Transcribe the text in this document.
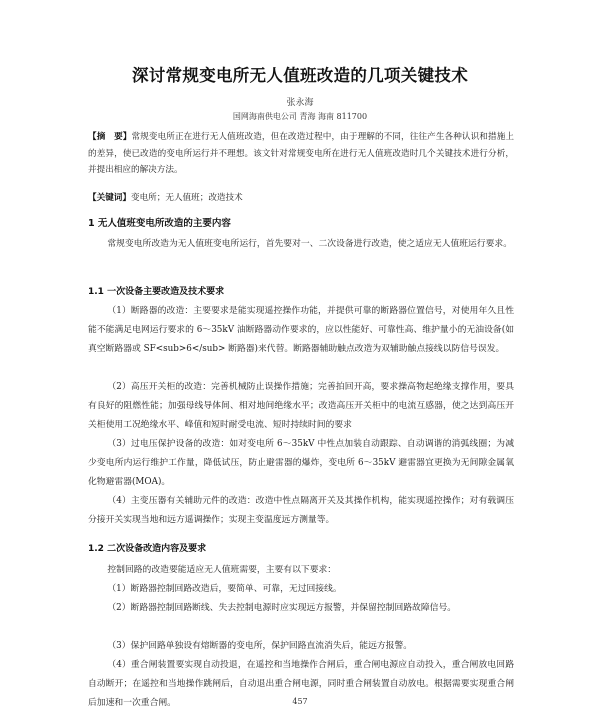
深讨常规变电所无人值班改造的几项关键技术
张永海
国网海南供电公司 青海 海南 811700
【摘　要】常规变电所正在进行无人值班改造，但在改造过程中，由于理解的不同，往往产生各种认识和措施上的差异，使已改造的变电所运行并不理想。该文针对常规变电所在进行无人值班改造时几个关键技术进行分析，并提出相应的解决方法。
【关键词】变电所；无人值班；改造技术
1 无人值班变电所改造的主要内容
常规变电所改造为无人值班变电所运行，首先要对一、二次设备进行改造，使之适应无人值班运行要求。
1.1 一次设备主要改造及技术要求
（1）断路器的改造：主要要求是能实现遥控操作功能，并提供可靠的断路器位置信号，对使用年久且性能不能满足电网运行要求的 6～35kV 油断路器动作要求的，应以性能好、可靠性高、维护量小的无油设备(如真空断路器或 SF<sub>6</sub> 断路器)来代替。断路器辅助触点改造为双辅助触点接线以防信号误发。
（2）高压开关柜的改造：完善机械防止误操作措施；完善拍回开高，要求操高物起绝缘支撑作用，要具有良好的阻燃性能；加强母线导体间、相对地间绝缘水平；改造高压开关柜中的电流互感器，使之达到高压开关柜使用工况绝缘水平、峰值和短时耐受电流、短时持续时间的要求
（3）过电压保护设备的改造：如对变电所 6～35kV 中性点加装自动跟踪、自动调谐的消弧线圈；为减少变电所内运行维护工作量，降低试压，防止避雷器的爆炸，变电所 6～35kV 避雷器宜更换为无间隙金属氧化物避雷器(MOA)。
（4）主变压器有关辅助元件的改造：改造中性点隔离开关及其操作机构，能实现遥控操作；对有载调压分接开关实现当地和远方遥调操作；实现主变温度远方测量等。
1.2 二次设备改造内容及要求
控制回路的改造要能适应无人值班需要，主要有以下要求：
（1）断路器控制回路改造后，要简单、可靠，无过回接线。
（2）断路器控制回路断线、失去控制电源时应实现远方报警，并保留控制回路故障信号。
（3）保护回路单独设有熔断器的变电所，保护回路直流消失后，能远方报警。
（4）重合闸装置要实现自动投退，在遥控和当地操作合闸后，重合闸电源应自动投入，重合闸放电回路自动断开；在遥控和当地操作跳闸后，自动退出重合闸电源，同时重合闸装置自动放电。根据需要实现重合闸后加速和一次重合闸。	457
